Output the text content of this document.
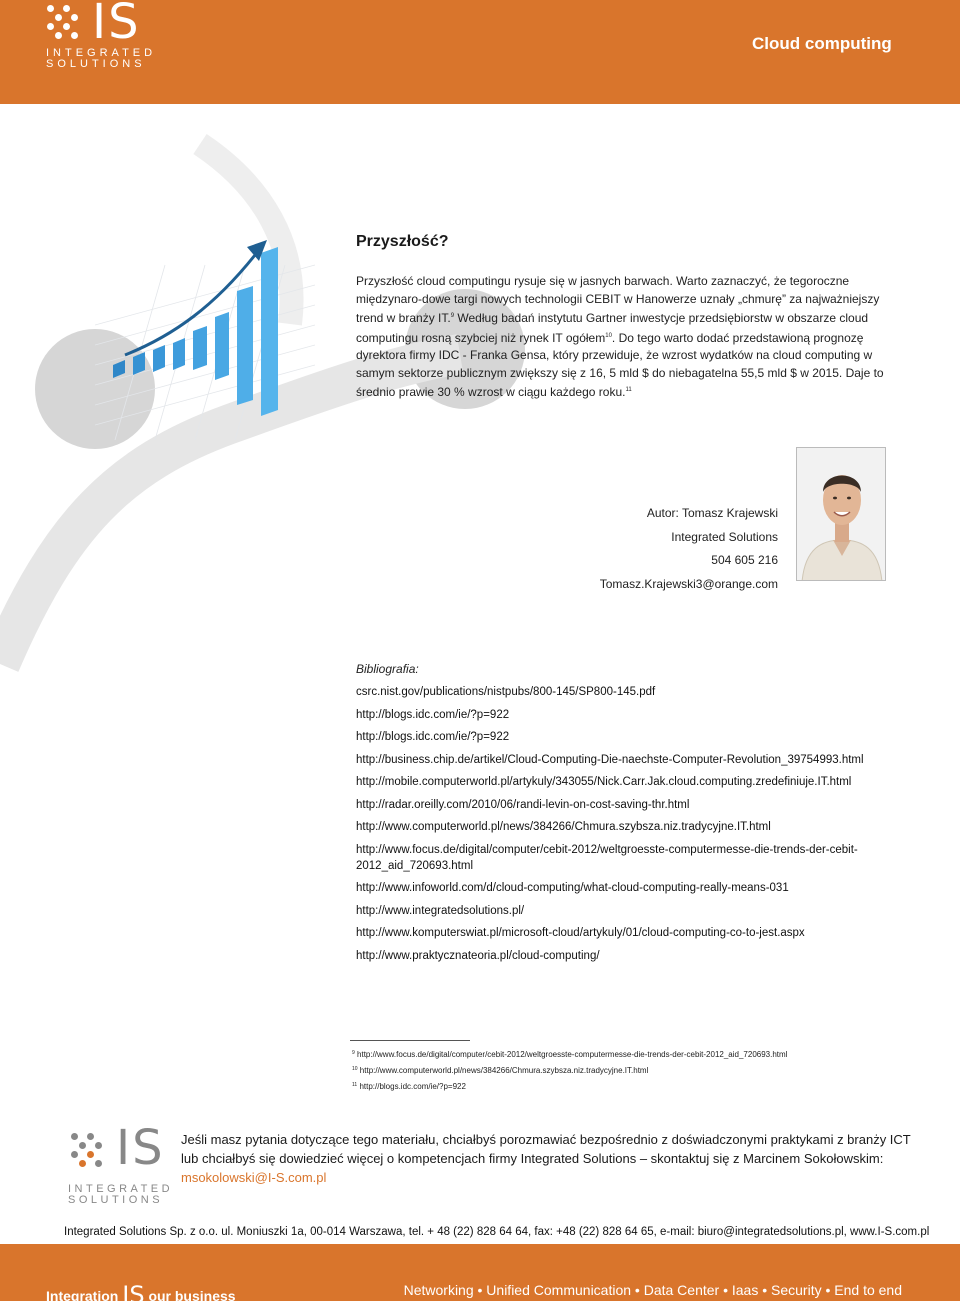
IS
INTEGRATED
SOLUTIONS
Cloud computing
Przyszłość?
Przyszłość cloud computingu rysuje się w jasnych barwach. Warto zaznaczyć, że tegoroczne międzynaro-dowe targi nowych technologii CEBIT w Hanowerze uznały „chmurę” za najważniejszy trend w branży IT.$^9$ Według badań instytutu Gartner inwestycje przedsiębiorstw w obszarze cloud computingu rosną szybciej niż rynek IT ogółem$^{10}$. Do tego warto dodać przedstawioną prognozę dyrektora firmy IDC - Franka Gensa, który przewiduje, że wzrost wydatków na cloud computing w samym sektorze publicznym zwiększy się z 16, 5 mld $ do niebagatelna 55,5 mld $ w 2015. Daje to średnio prawie 30 % wzrost w ciągu każdego roku.$^{11}$
Autor: Tomasz Krajewski
Integrated Solutions
504 605 216
Tomasz.Krajewski3@orange.com
Bibliografia:
csrc.nist.gov/publications/nistpubs/800-145/SP800-145.pdf
http://blogs.idc.com/ie/?p=922
http://blogs.idc.com/ie/?p=922
http://business.chip.de/artikel/Cloud-Computing-Die-naechste-Computer-Revolution_39754993.html
http://mobile.computerworld.pl/artykuly/343055/Nick.Carr.Jak.cloud.computing.zredefiniuje.IT.html
http://radar.oreilly.com/2010/06/randi-levin-on-cost-saving-thr.html
http://www.computerworld.pl/news/384266/Chmura.szybsza.niz.tradycyjne.IT.html
http://www.focus.de/digital/computer/cebit-2012/weltgroesste-computermesse-die-trends-der-cebit-2012_aid_720693.html
http://www.infoworld.com/d/cloud-computing/what-cloud-computing-really-means-031
http://www.integratedsolutions.pl/
http://www.komputerswiat.pl/microsoft-cloud/artykuly/01/cloud-computing-co-to-jest.aspx
http://www.praktycznateoria.pl/cloud-computing/
$^9$ http://www.focus.de/digital/computer/cebit-2012/weltgroesste-computermesse-die-trends-der-cebit-2012_aid_720693.html
$^{10}$ http://www.computerworld.pl/news/384266/Chmura.szybsza.niz.tradycyjne.IT.html
$^{11}$ http://blogs.idc.com/ie/?p=922
IS
INTEGRATED
SOLUTIONS
Jeśli masz pytania dotyczące tego materiału, chciałbyś porozmawiać bezpośrednio z doświadczonymi praktykami z branży ICT lub chciałbyś się dowiedzieć więcej o kompetencjach firmy Integrated Solutions – skontaktuj się z Marcinem Sokołowskim:
msokolowski@I-S.com.pl
Integrated Solutions Sp. z o.o. ul. Moniuszki 1a, 00-014 Warszawa, tel. + 48 (22) 828 64 64, fax: +48 (22) 828 64 65, e-mail: biuro@integratedsolutions.pl, www.I-S.com.pl
Integration IS our business	Networking • Unified Communication • Data Center • Iaas • Security • End to end
